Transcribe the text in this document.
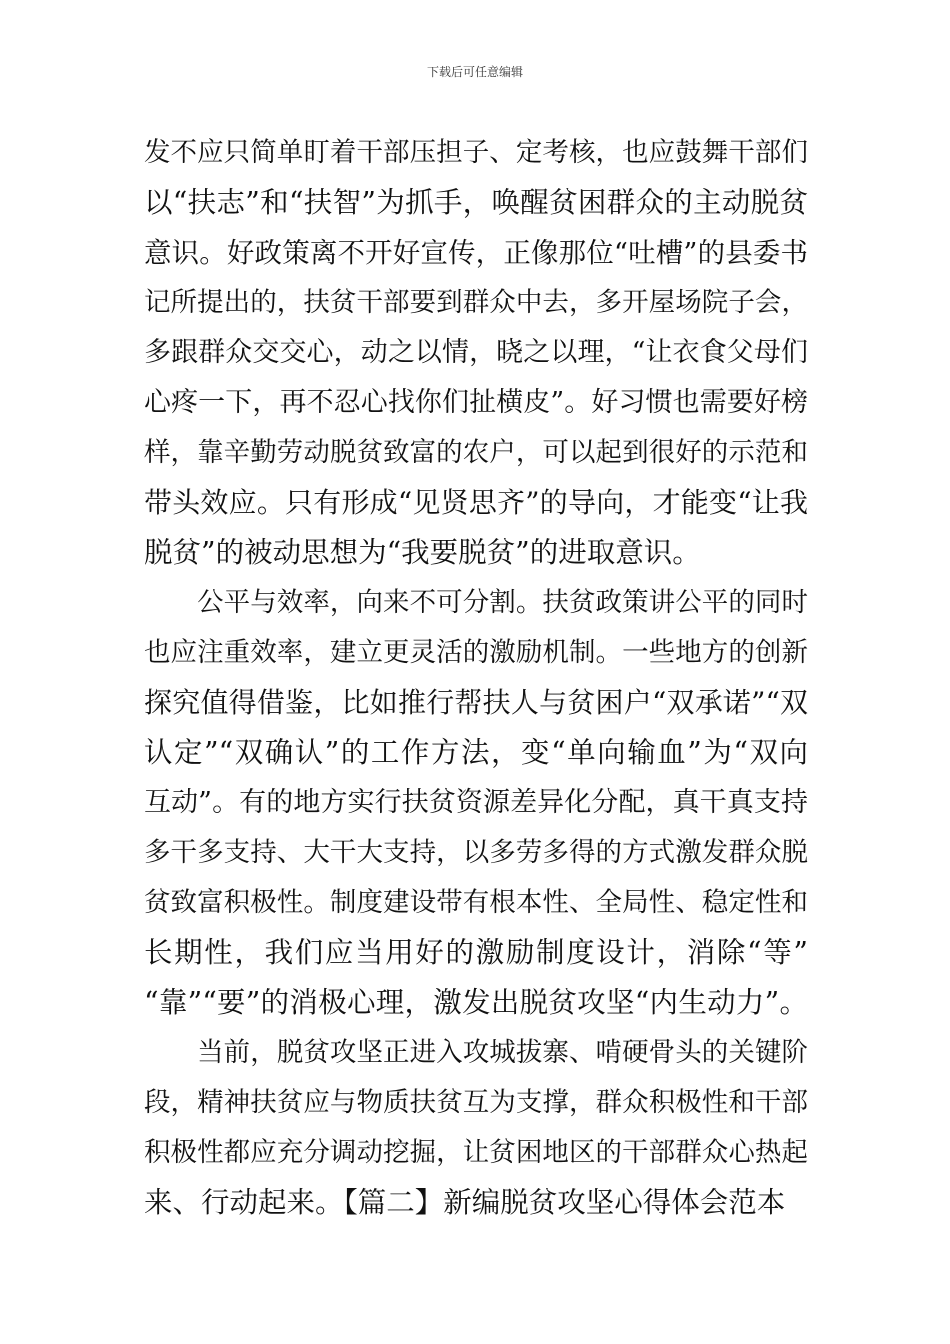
下载后可任意编辑
发不应只简单盯着干部压担子、定考核，也应鼓舞干部们
以“扶志”和“扶智”为抓手，唤醒贫困群众的主动脱贫
意识。好政策离不开好宣传，正像那位“吐槽”的县委书
记所提出的，扶贫干部要到群众中去，多开屋场院子会，
多跟群众交交心，动之以情，晓之以理，“让衣食父母们
心疼一下，再不忍心找你们扯横皮”。好习惯也需要好榜
样，靠辛勤劳动脱贫致富的农户，可以起到很好的示范和
带头效应。只有形成“见贤思齐”的导向，才能变“让我
脱贫”的被动思想为“我要脱贫”的进取意识。
　　公平与效率，向来不可分割。扶贫政策讲公平的同时
也应注重效率，建立更灵活的激励机制。一些地方的创新
探究值得借鉴，比如推行帮扶人与贫困户“双承诺”“双
认定”“双确认”的工作方法，变“单向输血”为“双向
互动”。有的地方实行扶贫资源差异化分配，真干真支持
多干多支持、大干大支持，以多劳多得的方式激发群众脱
贫致富积极性。制度建设带有根本性、全局性、稳定性和
长期性，我们应当用好的激励制度设计，消除“等”
“靠”“要”的消极心理，激发出脱贫攻坚“内生动力”。
　　当前，脱贫攻坚正进入攻城拔寨、啃硬骨头的关键阶
段，精神扶贫应与物质扶贫互为支撑，群众积极性和干部
积极性都应充分调动挖掘，让贫困地区的干部群众心热起
来、行动起来。【篇二】新编脱贫攻坚心得体会范本
